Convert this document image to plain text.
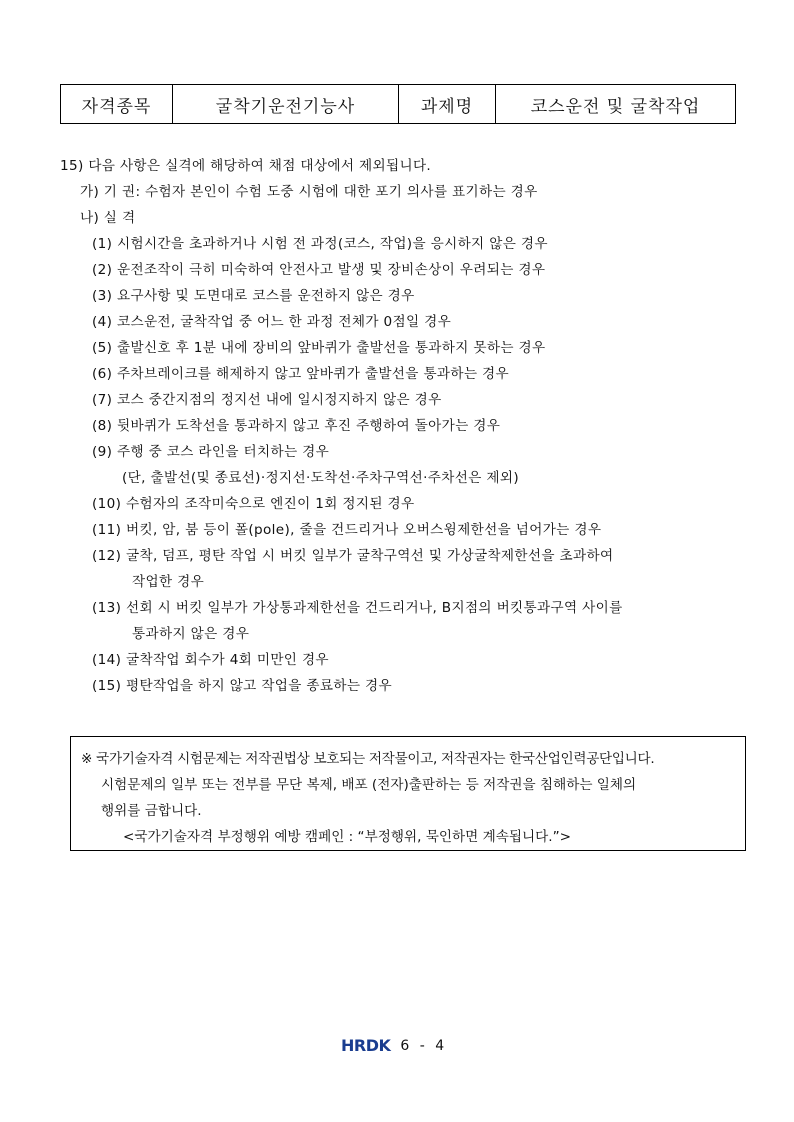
자격종목	굴착기운전기능사	과제명	코스운전 및 굴착작업
15) 다음 사항은 실격에 해당하여 채점 대상에서 제외됩니다.
가) 기 권: 수험자 본인이 수험 도중 시험에 대한 포기 의사를 표기하는 경우
나) 실 격
(1) 시험시간을 초과하거나 시험 전 과정(코스, 작업)을 응시하지 않은 경우
(2) 운전조작이 극히 미숙하여 안전사고 발생 및 장비손상이 우려되는 경우
(3) 요구사항 및 도면대로 코스를 운전하지 않은 경우
(4) 코스운전, 굴착작업 중 어느 한 과정 전체가 0점일 경우
(5) 출발신호 후 1분 내에 장비의 앞바퀴가 출발선을 통과하지 못하는 경우
(6) 주차브레이크를 해제하지 않고 앞바퀴가 출발선을 통과하는 경우
(7) 코스 중간지점의 정지선 내에 일시정지하지 않은 경우
(8) 뒷바퀴가 도착선을 통과하지 않고 후진 주행하여 돌아가는 경우
(9) 주행 중 코스 라인을 터치하는 경우
(단, 출발선(및 종료선)·정지선·도착선·주차구역선·주차선은 제외)
(10) 수험자의 조작미숙으로 엔진이 1회 정지된 경우
(11) 버킷, 암, 붐 등이 폴(pole), 줄을 건드리거나 오버스윙제한선을 넘어가는 경우
(12) 굴착, 덤프, 평탄 작업 시 버킷 일부가 굴착구역선 및 가상굴착제한선을 초과하여
작업한 경우
(13) 선회 시 버킷 일부가 가상통과제한선을 건드리거나, B지점의 버킷통과구역 사이를
통과하지 않은 경우
(14) 굴착작업 회수가 4회 미만인 경우
(15) 평탄작업을 하지 않고 작업을 종료하는 경우
※ 국가기술자격 시험문제는 저작권법상 보호되는 저작물이고, 저작권자는 한국산업인력공단입니다.
시험문제의 일부 또는 전부를 무단 복제, 배포 (전자)출판하는 등 저작권을 침해하는 일체의
행위를 금합니다.
<국가기술자격 부정행위 예방 캠페인 : “부정행위, 묵인하면 계속됩니다.”>
HRDK 6 - 4
